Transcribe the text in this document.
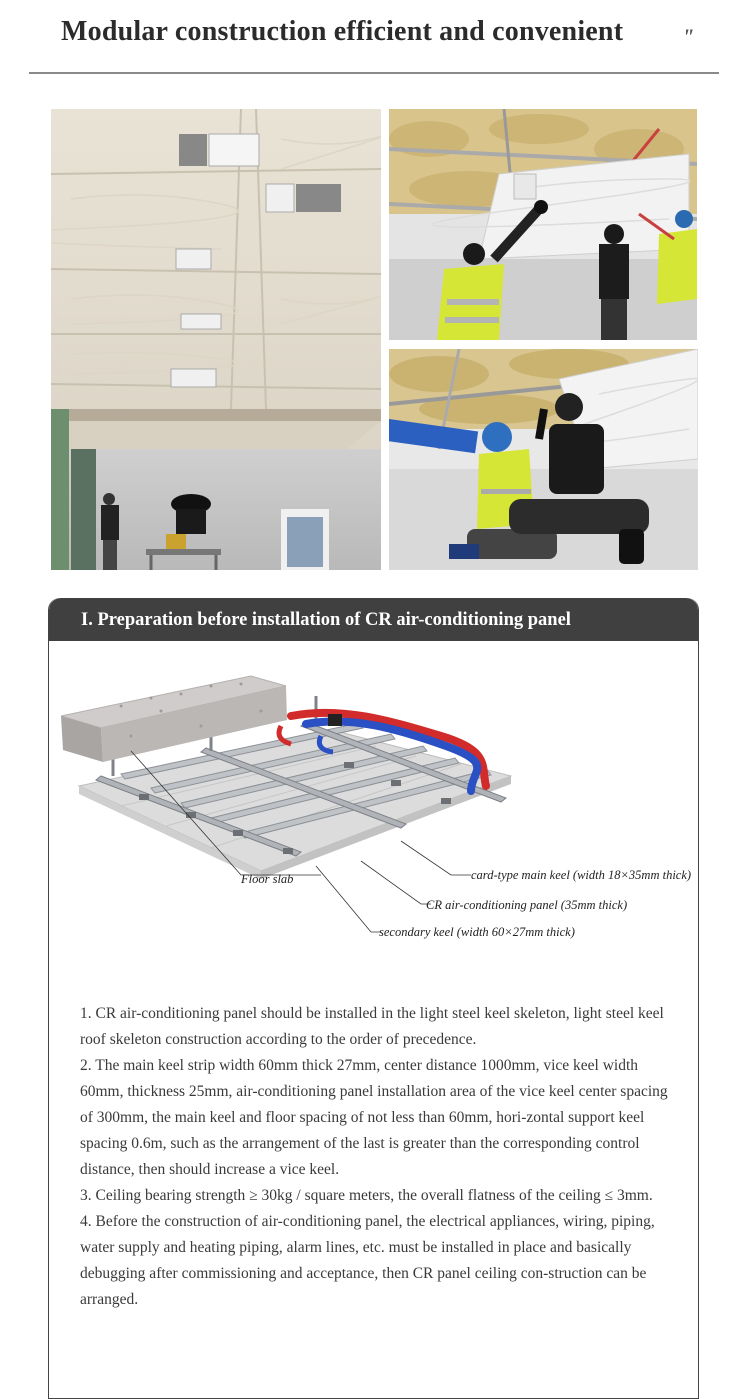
Modular construction efficient and convenient	"
I. Preparation before installation of CR air-conditioning panel
Floor slab	card-type main keel (width 18×35mm thick)
CR air-conditioning panel (35mm thick)
secondary keel (width 60×27mm thick)

1. CR air-conditioning panel should be installed in the light steel keel skeleton, light steel keel roof skeleton construction according to the order of precedence.

2. The main keel strip width 60mm thick 27mm, center distance 1000mm, vice keel width 60mm, thickness 25mm, air-conditioning panel installation area of the vice keel center spacing of 300mm, the main keel and floor spacing of not less than 60mm, hori-zontal support keel spacing 0.6m, such as the arrangement of the last is greater than the corresponding control distance, then should increase a vice keel.

3. Ceiling bearing strength ≥ 30kg / square meters, the overall flatness of the ceiling ≤ 3mm.

4. Before the construction of air-conditioning panel, the electrical appliances, wiring, piping, water supply and heating piping, alarm lines, etc. must be installed in place and basically debugging after commissioning and acceptance, then CR panel ceiling con-struction can be arranged.
